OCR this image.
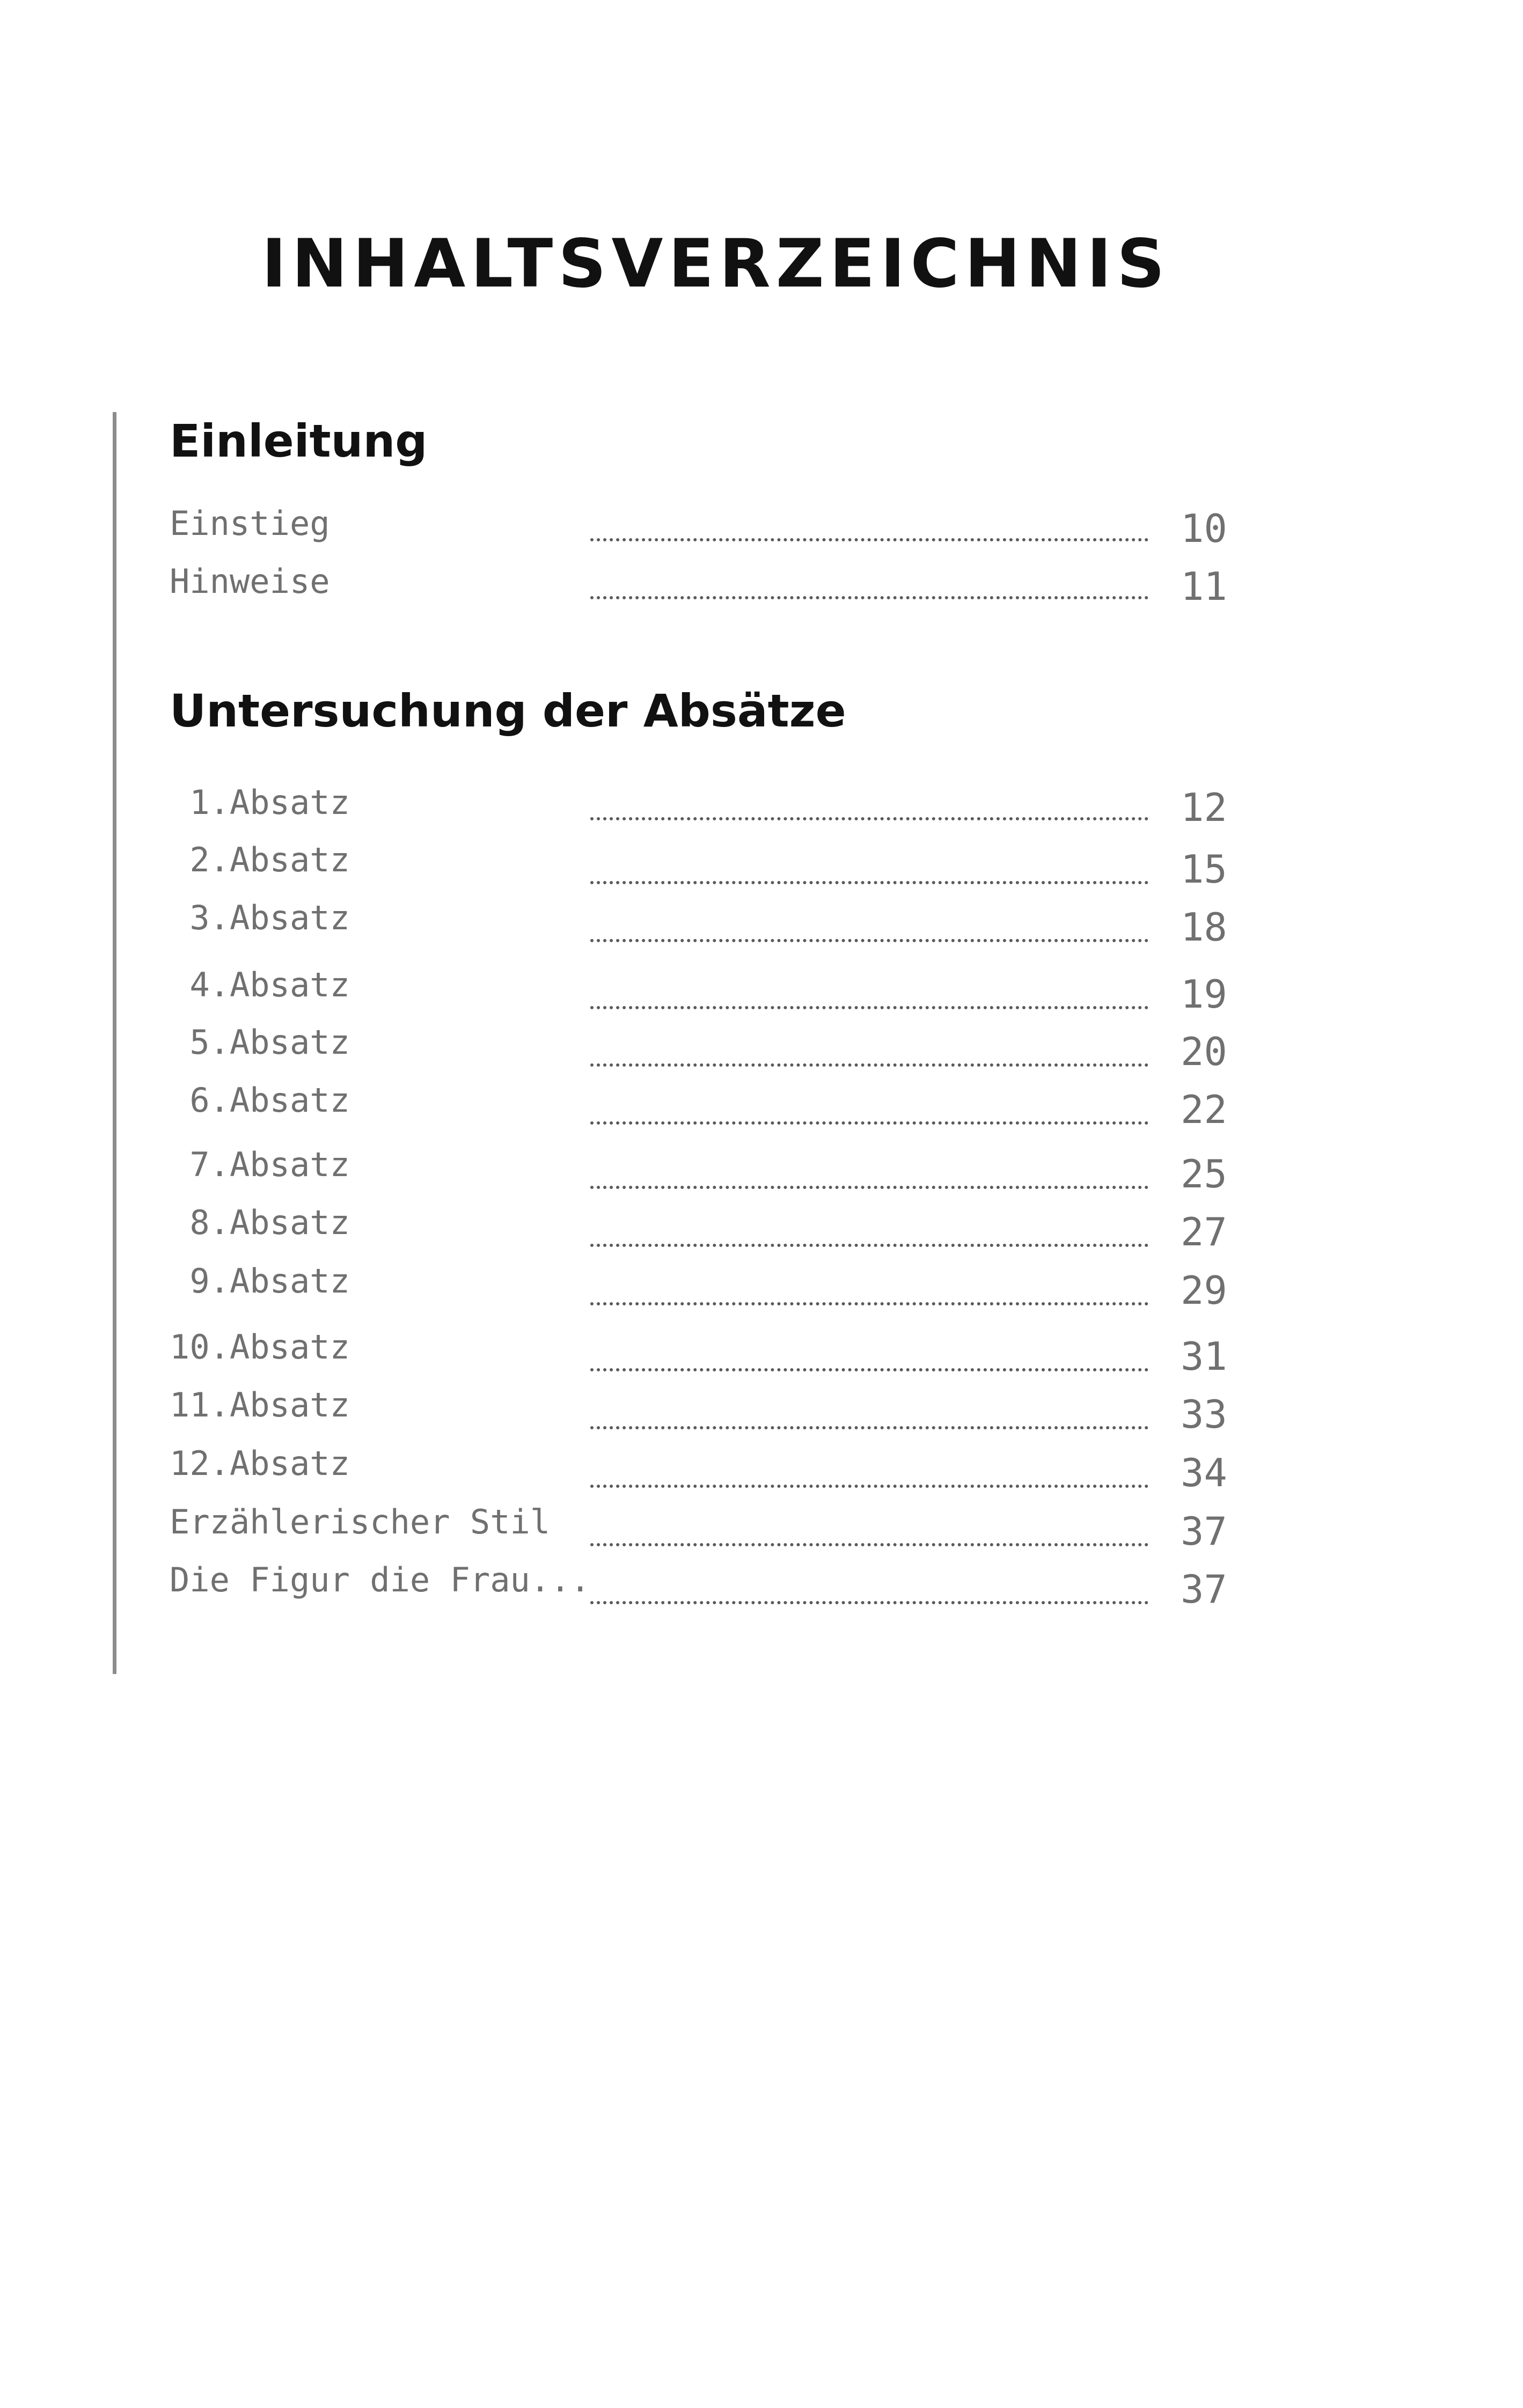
INHALTSVERZEICHNIS
Einleitung
Einstieg	10
Hinweise	11
Untersuchung der Absätze
1.Absatz	12
2.Absatz	15
3.Absatz	18
4.Absatz	19
5.Absatz	20
6.Absatz	22
7.Absatz	25
8.Absatz	27
9.Absatz	29
10.Absatz	31
11.Absatz	33
12.Absatz	34
Erzählerischer Stil	37
Die Figur die Frau...	37
